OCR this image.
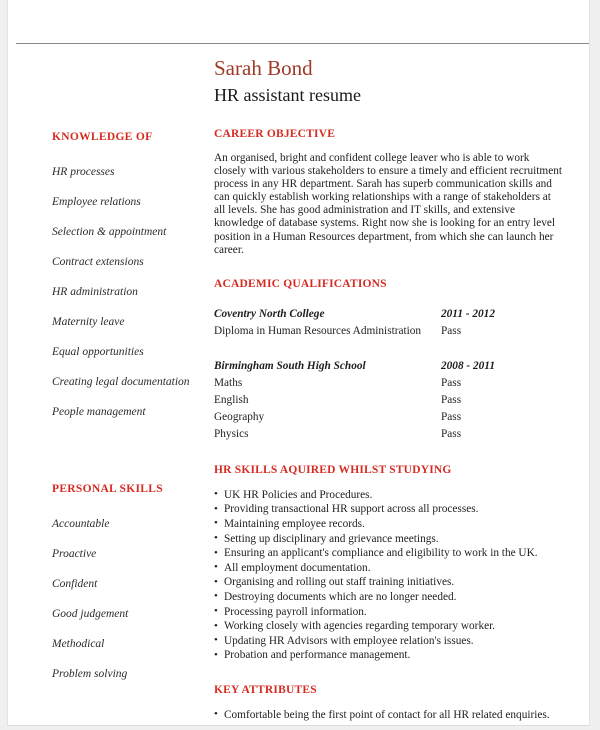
KNOWLEDGE OF
HR processes
Employee relations
Selection & appointment
Contract extensions
HR administration
Maternity leave
Equal opportunities
Creating legal documentation
People management
PERSONAL SKILLS
Accountable
Proactive
Confident
Good judgement
Methodical
Problem solving
Sarah Bond
HR assistant resume
CAREER OBJECTIVE

An organised, bright and confident college leaver who is able to work closely with various stakeholders to ensure a timely and efficient recruitment process in any HR department. Sarah has superb communication skills and can quickly establish working relationships with a range of stakeholders at all levels. She has good administration and IT skills, and extensive knowledge of database systems. Right now she is looking for an entry level position in a Human Resources department, from which she can launch her career.

ACADEMIC QUALIFICATIONS
Coventry North College	2011 - 2012
Diploma in Human Resources Administration	Pass
Birmingham South High School	2008 - 2011
Maths	Pass
English	Pass
Geography	Pass
Physics	Pass
HR SKILLS AQUIRED WHILST STUDYING
• UK HR Policies and Procedures.
• Providing transactional HR support across all processes.
• Maintaining employee records.
• Setting up disciplinary and grievance meetings.
• Ensuring an applicant's compliance and eligibility to work in the UK.
• All employment documentation.
• Organising and rolling out staff training initiatives.
• Destroying documents which are no longer needed.
• Processing payroll information.
• Working closely with agencies regarding temporary worker.
• Updating HR Advisors with employee relation's issues.
• Probation and performance management.
KEY ATTRIBUTES
• Comfortable being the first point of contact for all HR related enquiries.
